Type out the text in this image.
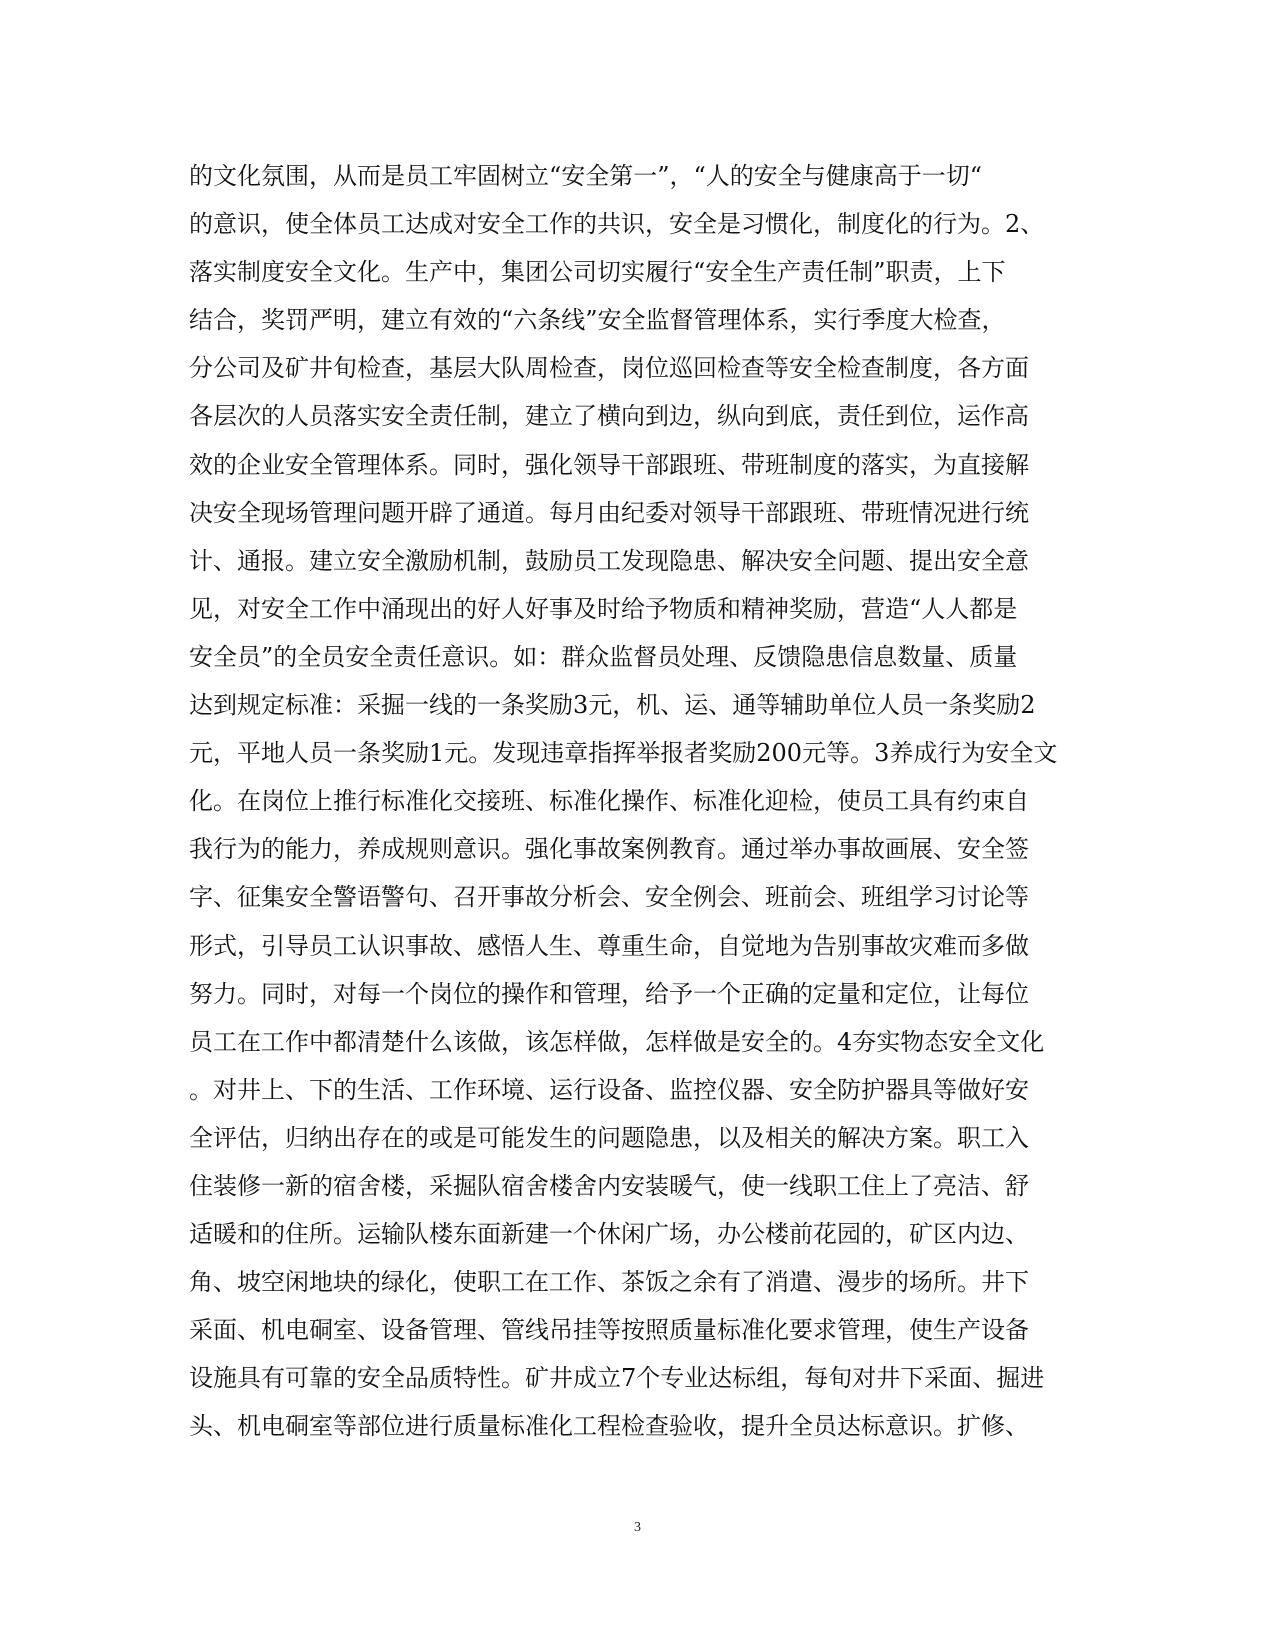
的文化氛围，从而是员工牢固树立“安全第一”，“人的安全与健康高于一切“
的意识，使全体员工达成对安全工作的共识，安全是习惯化，制度化的行为。2、
落实制度安全文化。生产中，集团公司切实履行“安全生产责任制”职责，上下
结合，奖罚严明，建立有效的“六条线”安全监督管理体系，实行季度大检查，
分公司及矿井旬检查，基层大队周检查，岗位巡回检查等安全检查制度，各方面
各层次的人员落实安全责任制，建立了横向到边，纵向到底，责任到位，运作高
效的企业安全管理体系。同时，强化领导干部跟班、带班制度的落实，为直接解
决安全现场管理问题开辟了通道。每月由纪委对领导干部跟班、带班情况进行统
计、通报。建立安全激励机制，鼓励员工发现隐患、解决安全问题、提出安全意
见，对安全工作中涌现出的好人好事及时给予物质和精神奖励，营造“人人都是
安全员”的全员安全责任意识。如：群众监督员处理、反馈隐患信息数量、质量
达到规定标准：采掘一线的一条奖励3元，机、运、通等辅助单位人员一条奖励2
元，平地人员一条奖励1元。发现违章指挥举报者奖励200元等。3养成行为安全文
化。在岗位上推行标准化交接班、标准化操作、标准化迎检，使员工具有约束自
我行为的能力，养成规则意识。强化事故案例教育。通过举办事故画展、安全签
字、征集安全警语警句、召开事故分析会、安全例会、班前会、班组学习讨论等
形式，引导员工认识事故、感悟人生、尊重生命，自觉地为告别事故灾难而多做
努力。同时，对每一个岗位的操作和管理，给予一个正确的定量和定位，让每位
员工在工作中都清楚什么该做，该怎样做，怎样做是安全的。4夯实物态安全文化
。对井上、下的生活、工作环境、运行设备、监控仪器、安全防护器具等做好安
全评估，归纳出存在的或是可能发生的问题隐患，以及相关的解决方案。职工入
住装修一新的宿舍楼，采掘队宿舍楼舍内安装暖气，使一线职工住上了亮洁、舒
适暖和的住所。运输队楼东面新建一个休闲广场，办公楼前花园的，矿区内边、
角、坡空闲地块的绿化，使职工在工作、茶饭之余有了消遣、漫步的场所。井下
采面、机电硐室、设备管理、管线吊挂等按照质量标准化要求管理，使生产设备
设施具有可靠的安全品质特性。矿井成立7个专业达标组，每旬对井下采面、掘进
头、机电硐室等部位进行质量标准化工程检查验收，提升全员达标意识。扩修、
3
